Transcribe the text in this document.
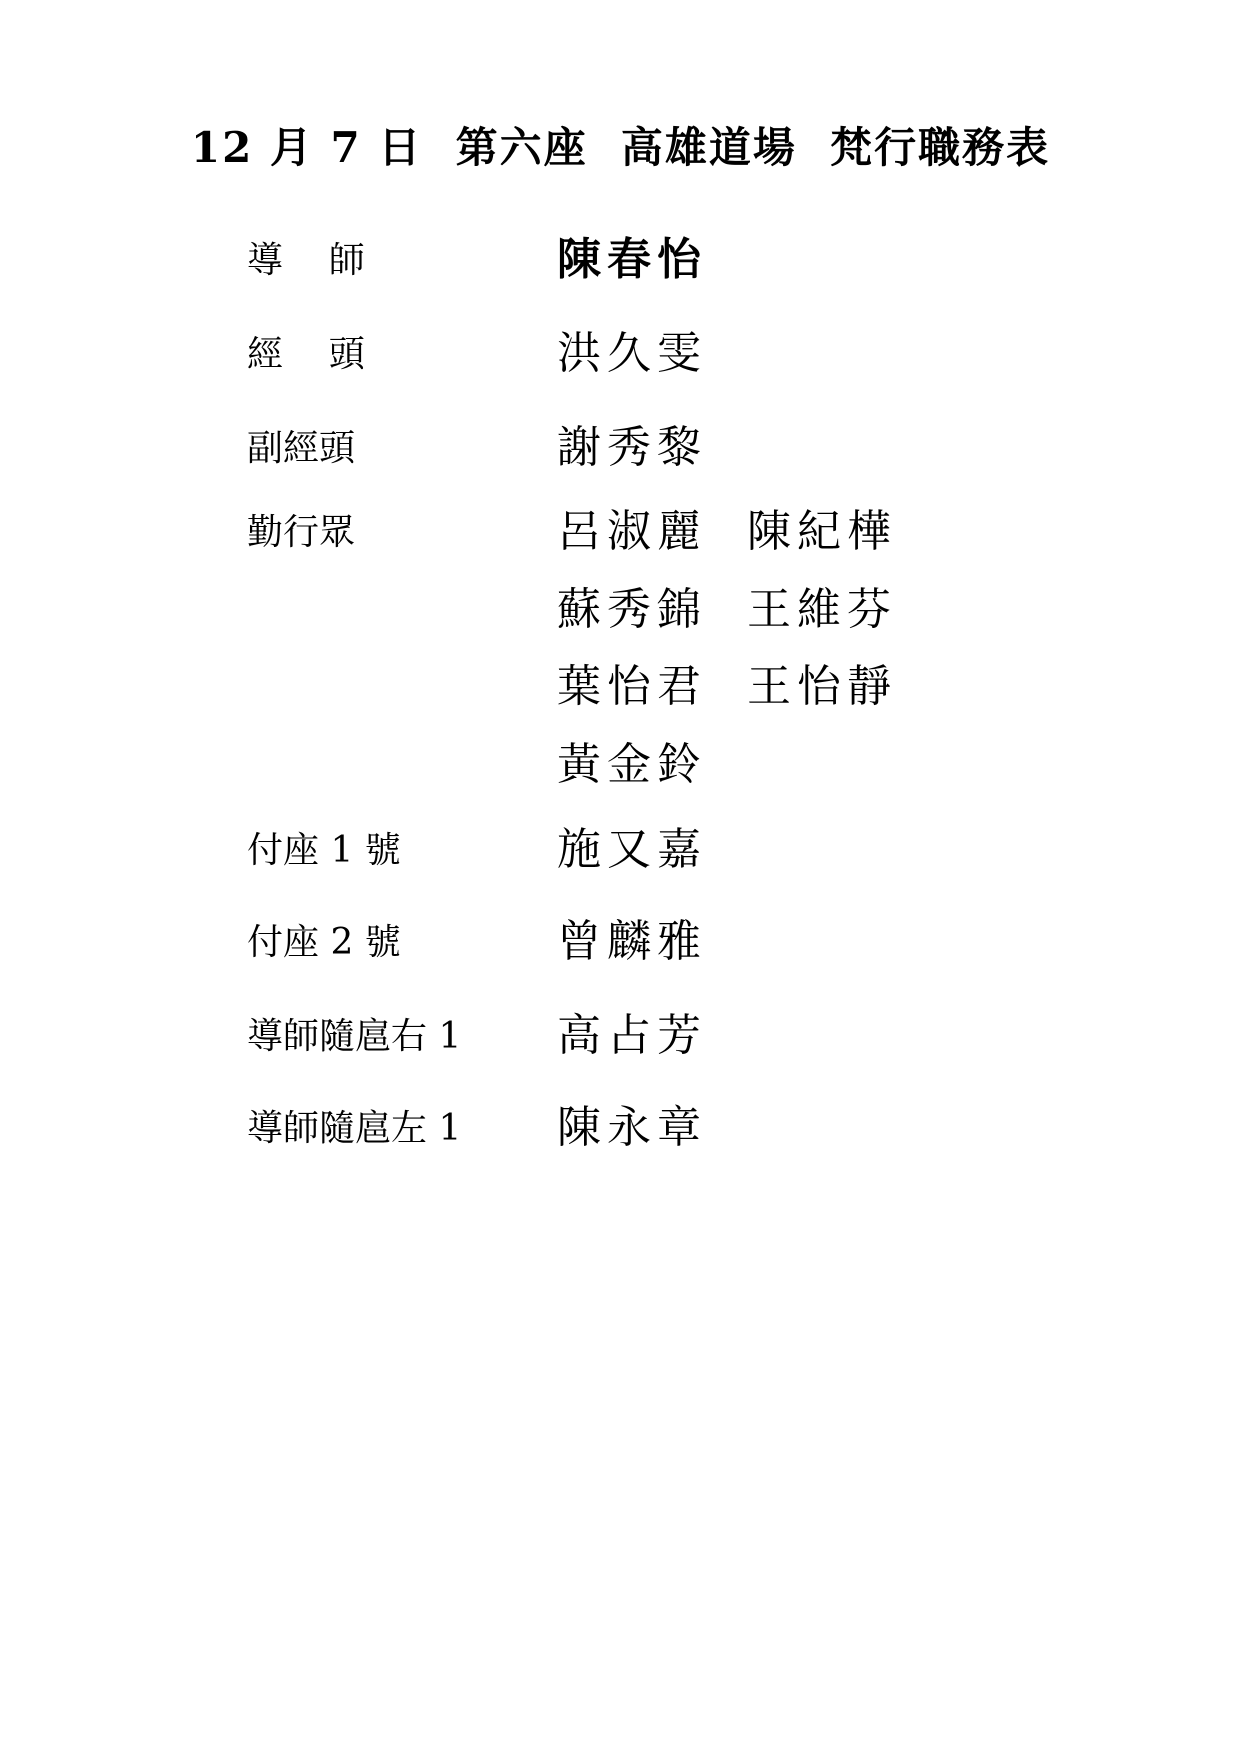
12 月 7 日  第六座  高雄道場  梵行職務表
導    師	陳春怡
經    頭	洪久雯
副經頭	謝秀黎
勤行眾	呂淑麗  陳紀樺
蘇秀錦  王維芬
葉怡君  王怡靜
黃金鈴
付座 1 號	施又嘉
付座 2 號	曾麟雅
導師隨扈右 1 高占芳
導師隨扈左 1 陳永章
